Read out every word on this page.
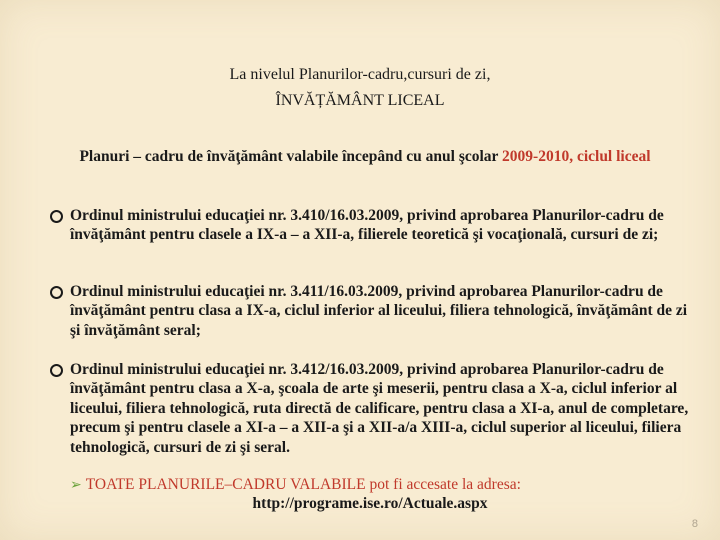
La nivelul Planurilor-cadru,cursuri de zi,
ÎNVĂȚĂMÂNT LICEAL
Planuri – cadru de învăţământ valabile începând cu anul şcolar 2009-2010, ciclul liceal
Ordinul ministrului educaţiei nr. 3.410/16.03.2009, privind aprobarea Planurilor-cadru de învăţământ pentru clasele a IX-a – a XII-a, filierele teoretică şi vocaţională, cursuri de zi;
Ordinul ministrului educaţiei nr. 3.411/16.03.2009, privind aprobarea Planurilor-cadru de învăţământ pentru clasa a IX-a, ciclul inferior al liceului, filiera tehnologică, învăţământ de zi şi învăţământ seral;
Ordinul ministrului educaţiei nr. 3.412/16.03.2009, privind aprobarea Planurilor-cadru de învăţământ pentru clasa a X-a, şcoala de arte şi meserii, pentru clasa a X-a, ciclul inferior al liceului, filiera tehnologică, ruta directă de calificare, pentru clasa a XI-a, anul de completare, precum şi pentru clasele a XI-a – a XII-a şi a XII-a/a XIII-a, ciclul superior al liceului, filiera tehnologică, cursuri de zi şi seral.
➢ TOATE PLANURILE–CADRU VALABILE pot fi accesate la adresa:
http://programe.ise.ro/Actuale.aspx
8
